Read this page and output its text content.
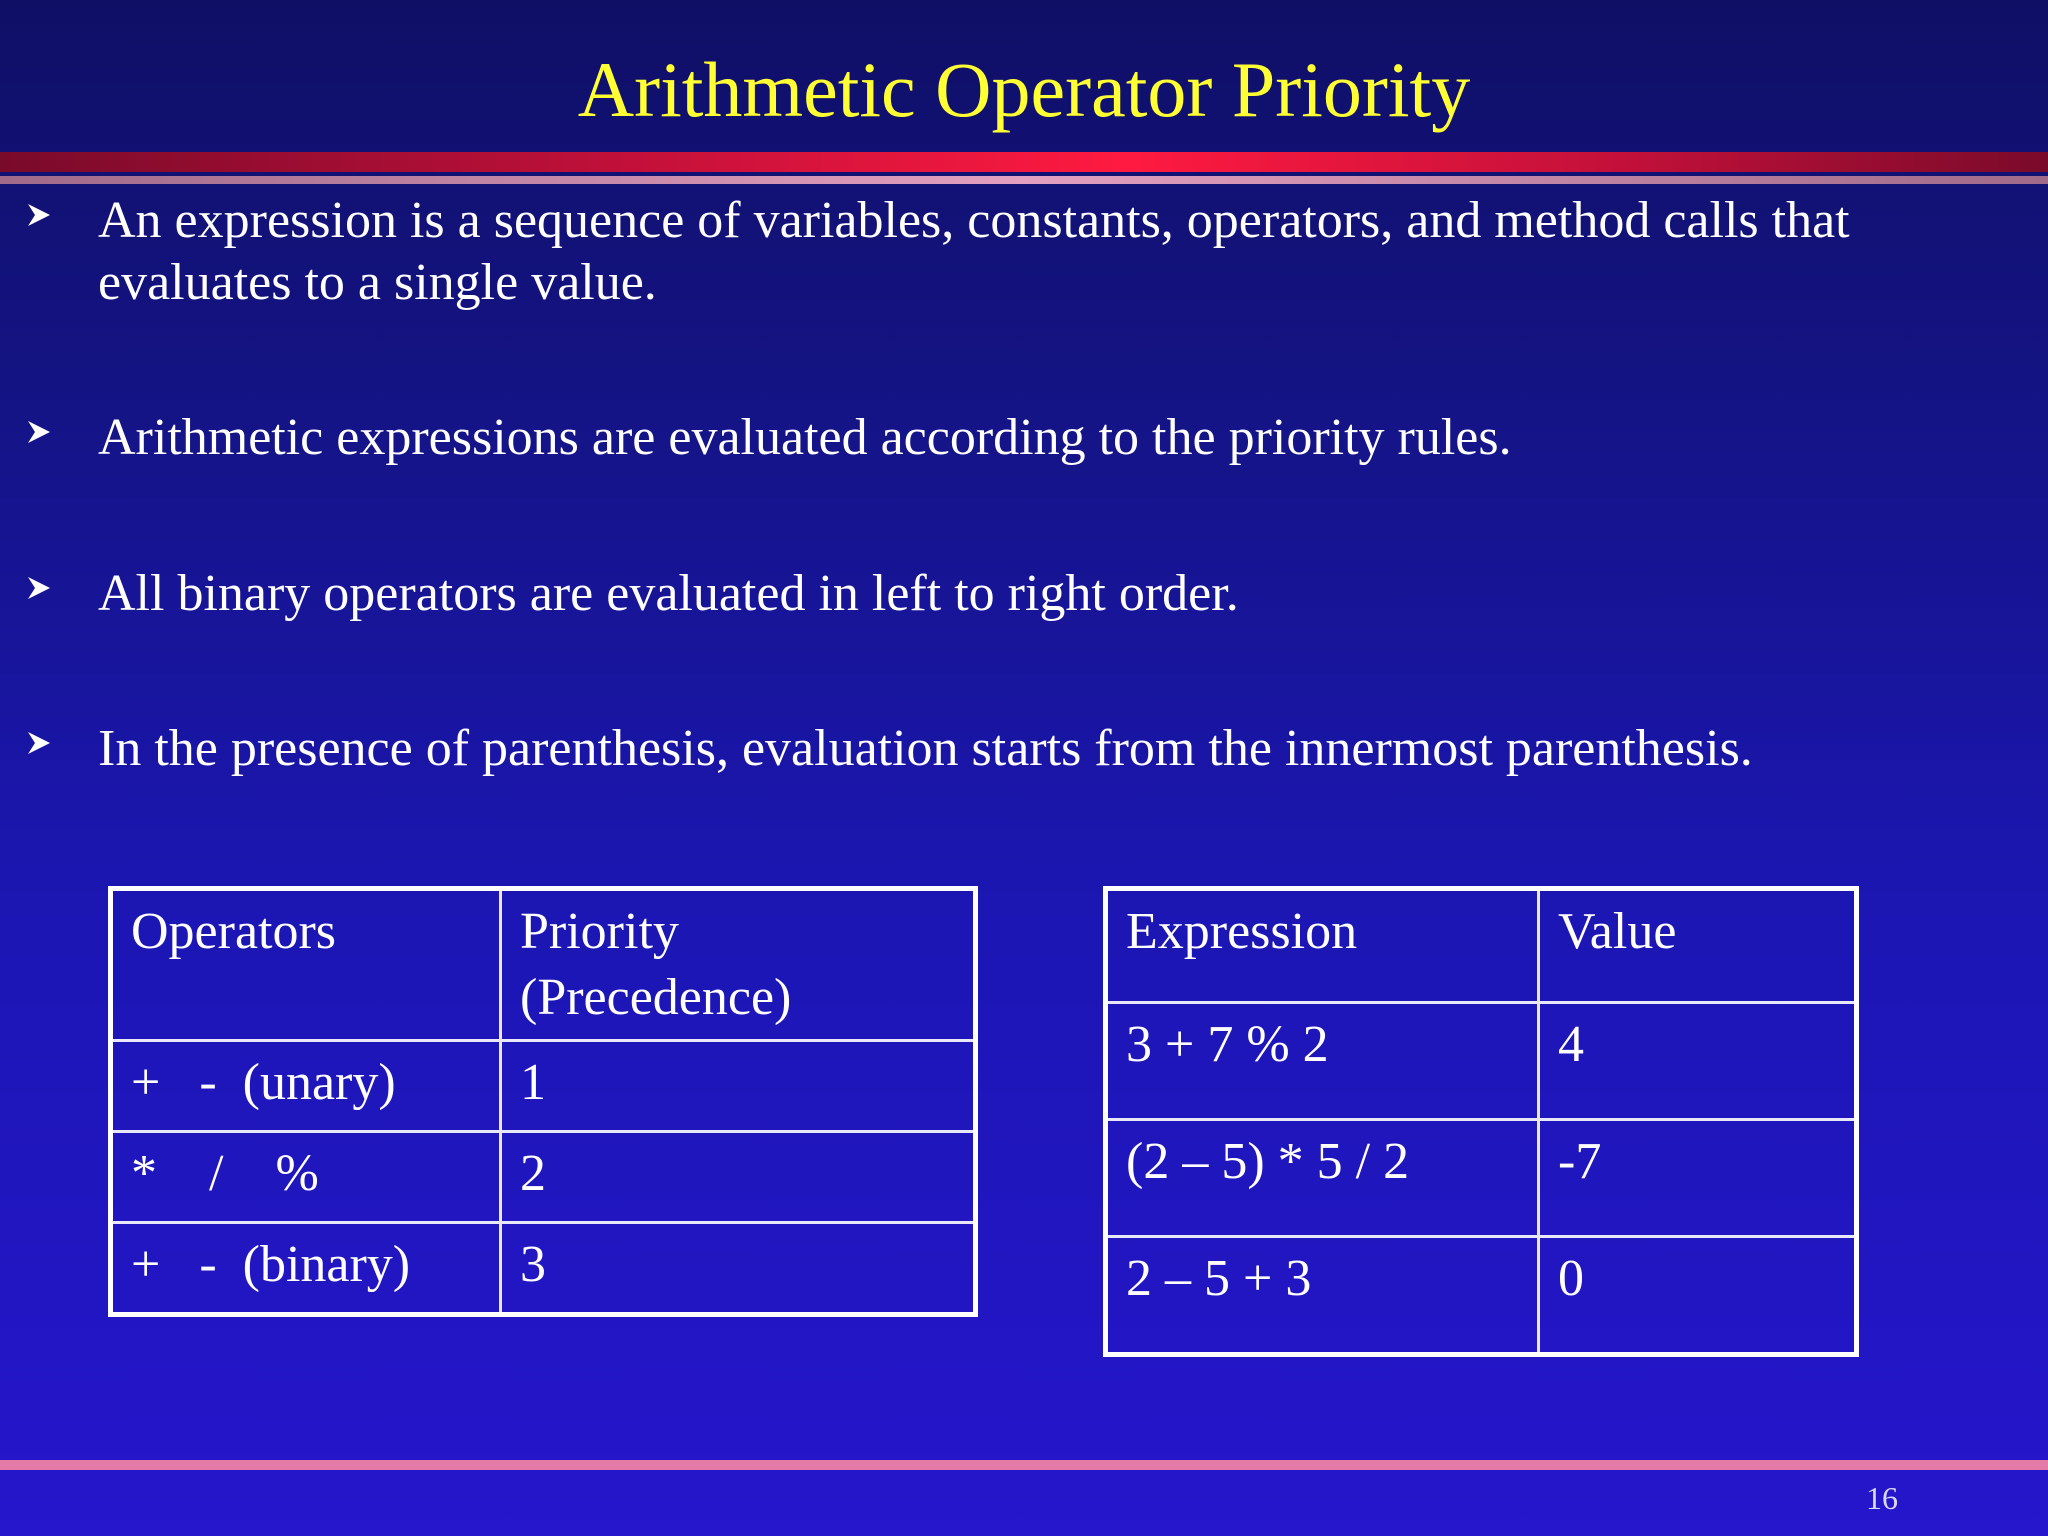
Arithmetic Operator Priority
An expression is a sequence of variables, constants, operators, and method calls that evaluates to a single value.
Arithmetic expressions are evaluated according to the priority rules.
All binary operators are evaluated in left to right order.
In the presence of parenthesis, evaluation starts from the innermost parenthesis.
Operators	Priority (Precedence)
+   -  (unary)	1
*    /    %	2
+   -  (binary)	3
Expression	Value
3 + 7 % 2	4
(2 – 5) * 5 / 2	-7
2 – 5 + 3	0
16
